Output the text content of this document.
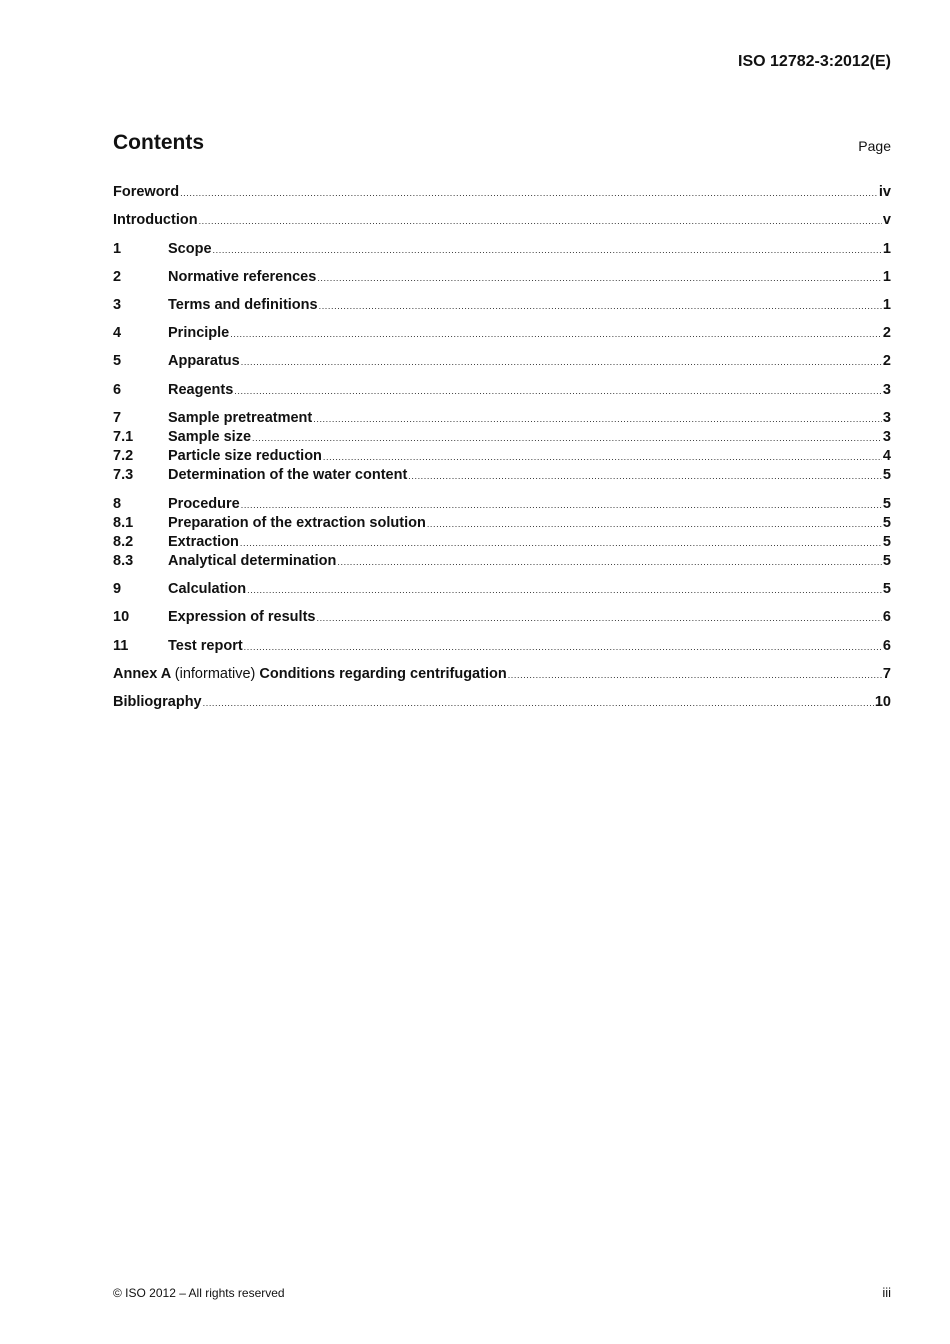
ISO 12782-3:2012(E)
Contents	Page
Foreword .....	iv
Introduction .....	v
1	Scope .....	1
2	Normative references .....	1
3	Terms and definitions .....	1
4	Principle .....	2
5	Apparatus .....	2
6	Reagents .....	3
7	Sample pretreatment .....	3
7.1	Sample size .....	3
7.2	Particle size reduction .....	4
7.3	Determination of the water content .....	5
8	Procedure .....	5
8.1	Preparation of the extraction solution .....	5
8.2	Extraction .....	5
8.3	Analytical determination .....	5
9	Calculation .....	5
10	Expression of results .....	6
11	Test report .....	6
Annex A (informative) Conditions regarding centrifugation .....	7
Bibliography .....	10
© ISO 2012 – All rights reserved	iii
